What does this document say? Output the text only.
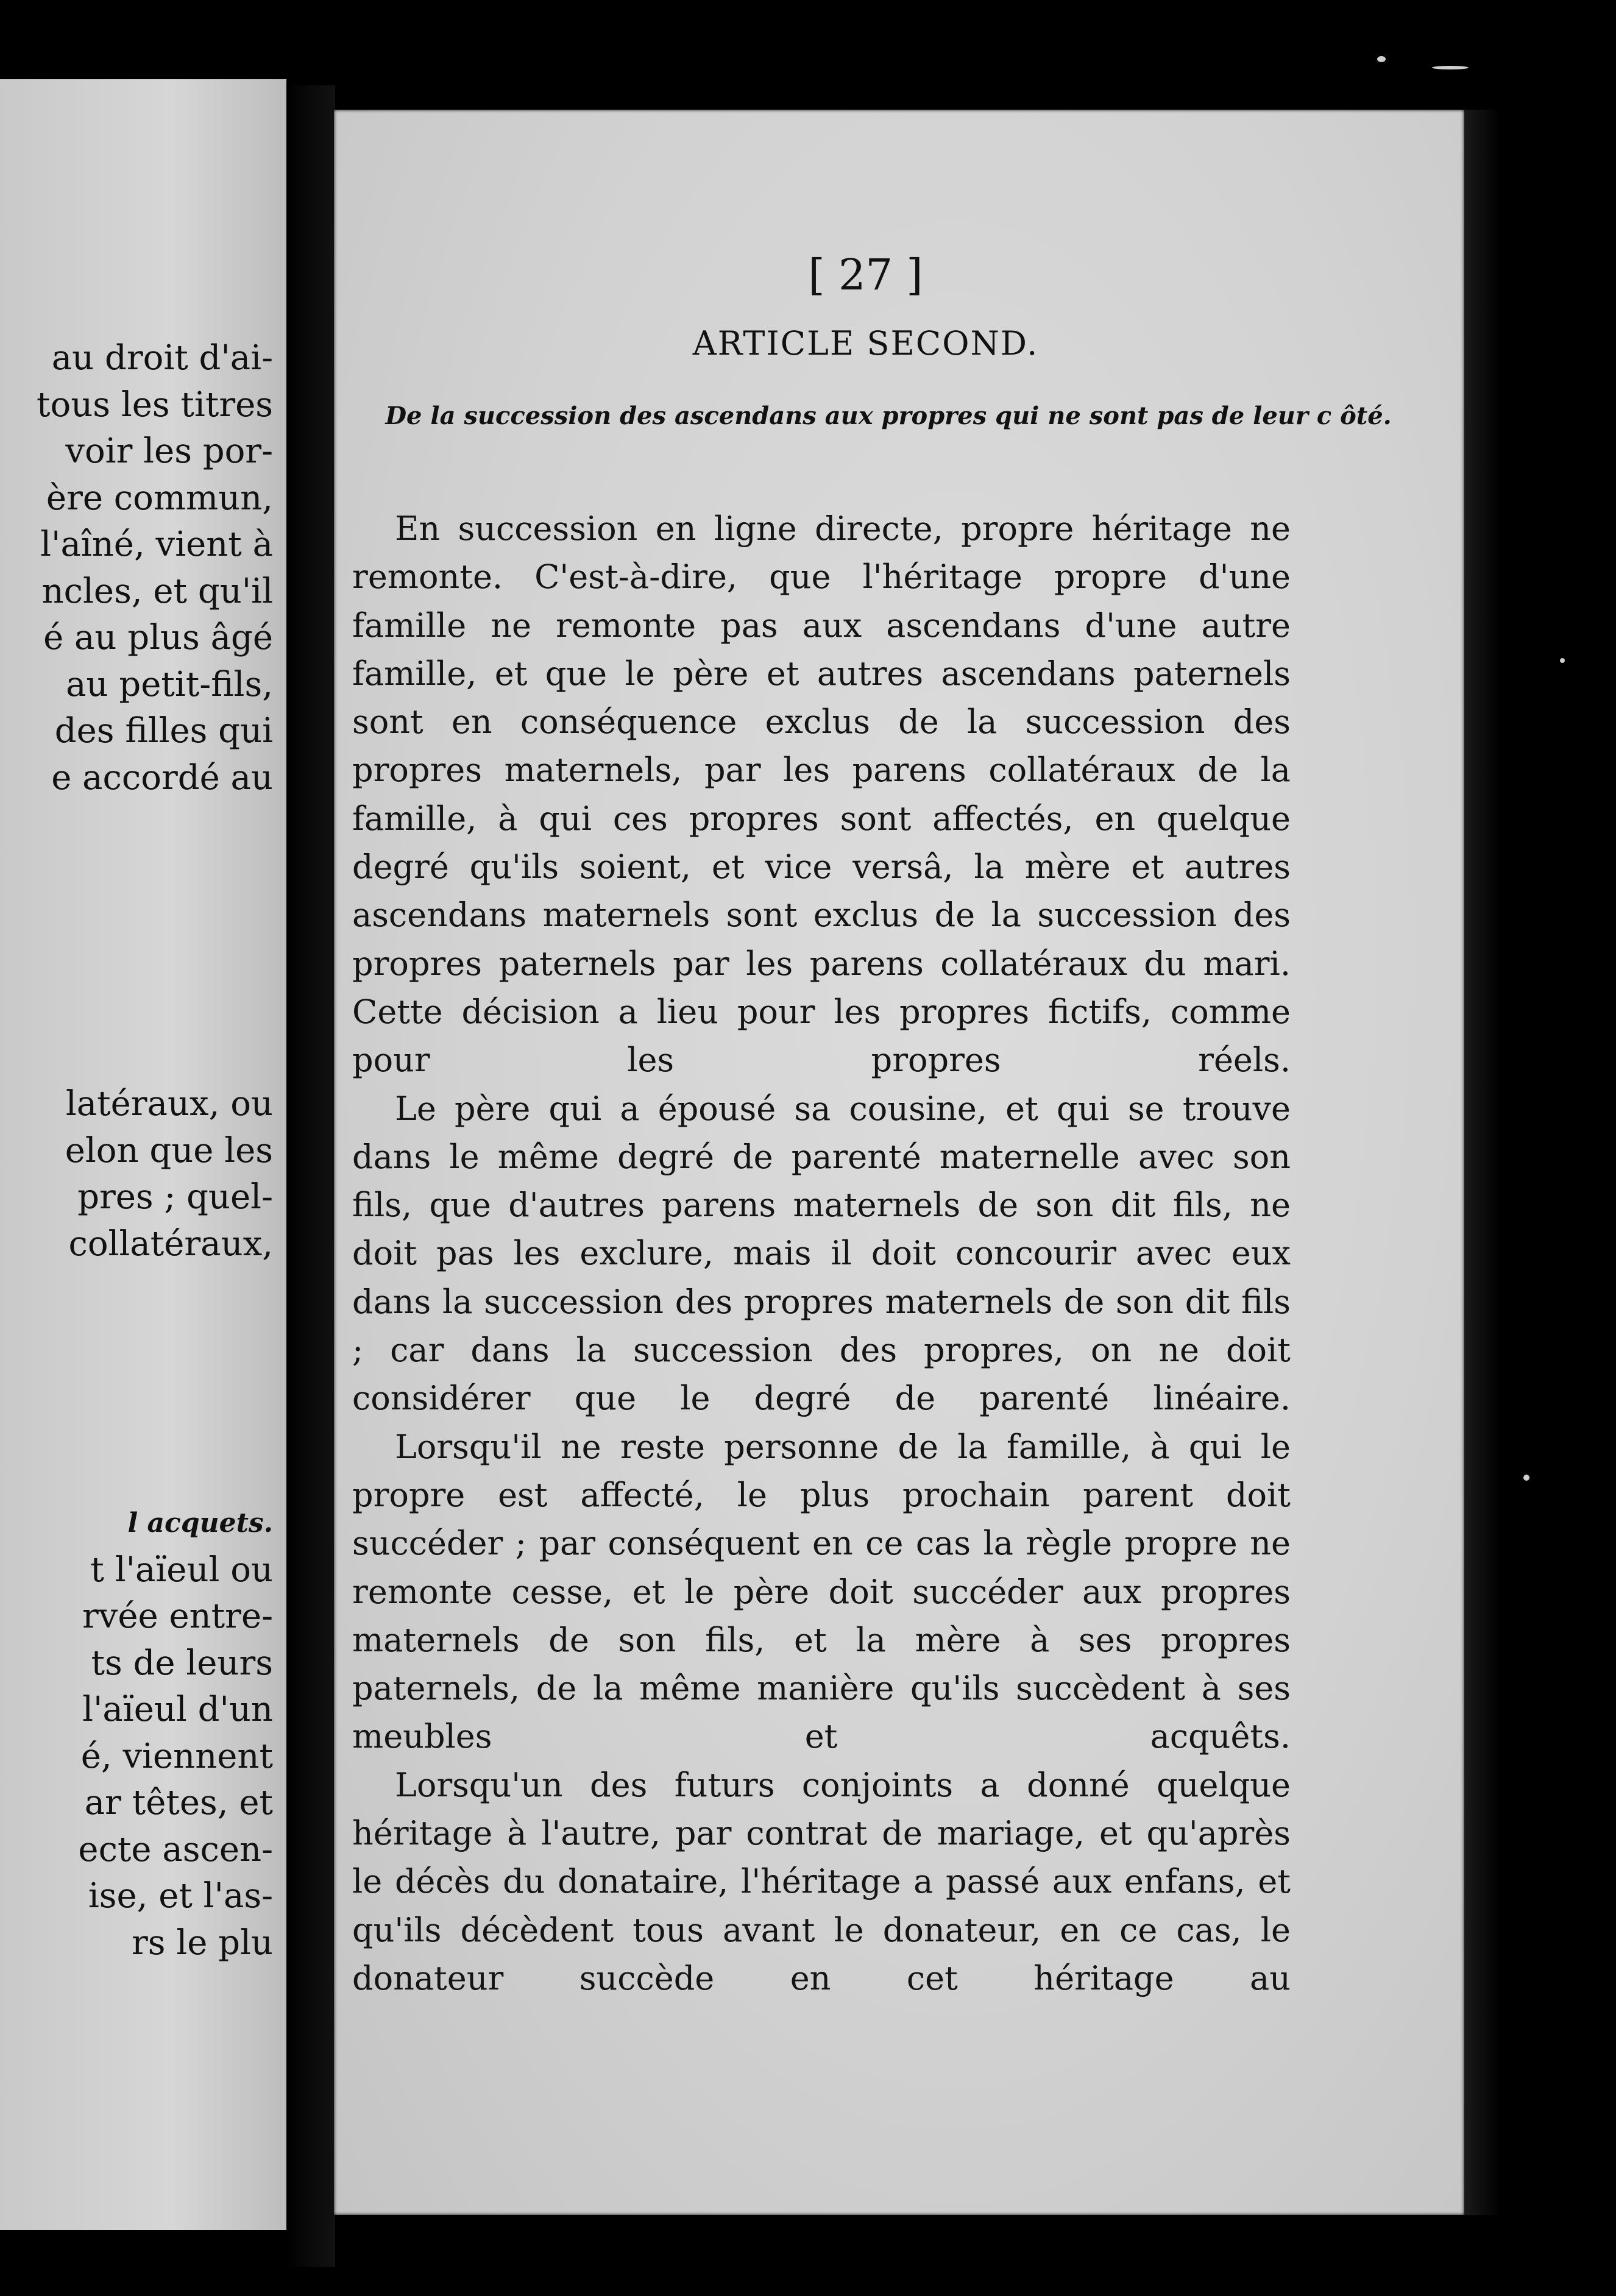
au droit d'ai-
tous les titres
voir les por-
ère commun,
l'aîné, vient à
ncles, et qu'il
é au plus âgé
au petit-fils,
des filles qui
e accordé au
latéraux, ou
elon que les
pres ; quel-
collatéraux,
l acquets.
t l'aïeul ou
rvée entre-
ts de leurs
l'aïeul d'un
é, viennent
ar têtes, et
ecte ascen-
ise, et l'as-
rs le plu
[ 27 ]
ARTICLE SECOND.
De la succession des ascendans aux propres qui ne sont pas de leur c ôté.

En succession en ligne directe, propre héritage ne remonte. C'est-à-dire, que l'héritage propre d'une famille ne remonte pas aux ascendans d'une autre famille, et que le père et autres ascendans paternels sont en conséquence exclus de la succession des propres maternels, par les parens collatéraux de la famille, à qui ces propres sont affectés, en quelque degré qu'ils soient, et vice versâ, la mère et autres ascendans maternels sont exclus de la succession des propres paternels par les parens collatéraux du mari. Cette décision a lieu pour les propres fictifs, comme pour les propres réels.

Le père qui a épousé sa cousine, et qui se trouve dans le même degré de parenté maternelle avec son fils, que d'autres parens maternels de son dit fils, ne doit pas les exclure, mais il doit concourir avec eux dans la succession des propres maternels de son dit fils ; car dans la succession des propres, on ne doit considérer que le degré de parenté linéaire.

Lorsqu'il ne reste personne de la famille, à qui le propre est affecté, le plus prochain parent doit succéder ; par conséquent en ce cas la règle propre ne remonte cesse, et le père doit succéder aux propres maternels de son fils, et la mère à ses propres paternels, de la même manière qu'ils succèdent à ses meubles et acquêts.

Lorsqu'un des futurs conjoints a donné quelque héritage à l'autre, par contrat de mariage, et qu'après le décès du donataire, l'héritage a passé aux enfans, et qu'ils décèdent tous avant le donateur, en ce cas, le donateur succède en cet héritage au
